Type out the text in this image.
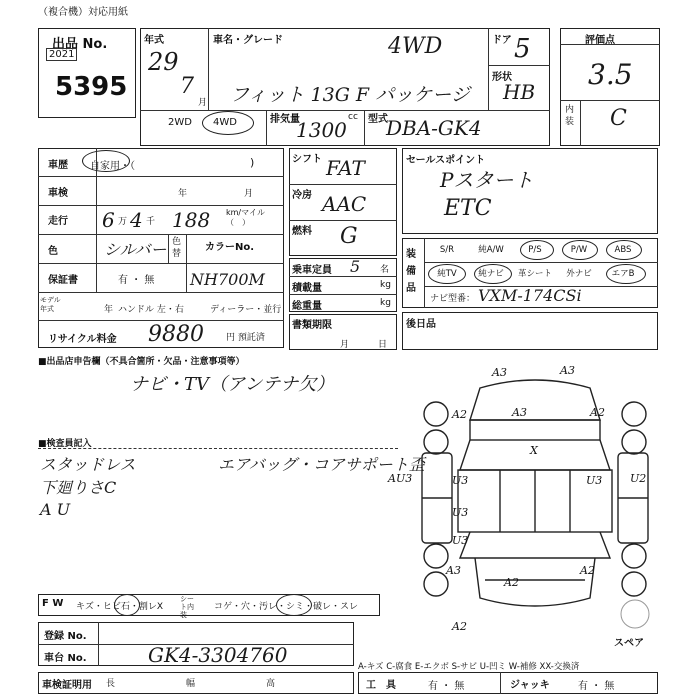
（複合機）対応用紙
出品 No.
2021
5395
年式
29
7
月
車名・グレード	4WD
フィット 13G F パッケージ
ドア 5
形状
HB
2WD 4WD	排気量	cc
1300 型式
DBA-GK4
評価点
3.5
内装 C
車歴 自家用・（	)
車検	年	月
走行 6 万 4 千 188 km/マイル（　）
色	シルバー 色替
カラーNo.
保証書	有 ・ 無 NH700M
モデル年式	年 ハンドル 左・右	ディーラー・並行
リサイクル料金 9880 円 預託済
シフト FAT
冷房 AAC
燃料 G
乗車定員 5 名
積載量	kg
総重量	kg
書類期限
月	日
セールスポイント
Pスタート
ETC
装備品
S/R	純A/W	P/S	P/W	ABS
純TV	純ナビ	革シート	外ナビ	エアB
ナビ型番： VXM-174CSi
後日品
■出品店申告欄（不具合箇所・欠品・注意事項等）
ナビ・TV（アンテナ欠）
■検査員記入
スタッドレス	エアバッグ・コアサポート歪
下廻りさC
A U
F W キズ・ヒビ石・割レX
シート内装
コゲ・穴・汚レ・シミ・破レ・スレ
登録 No.
車台 No.	GK4-3304760
車検証明用 長	幅	高
A-キズ C-腐食 E-エクボ S-サビ U-凹ミ W-補修 XX-交換済
工　具	有 ・ 無	ジャッキ	有 ・ 無
A3	A3
A2	A3	A2
X
AU3	U3
U3
U3	U2
U3
A3
A2
A2
A2
スペア
